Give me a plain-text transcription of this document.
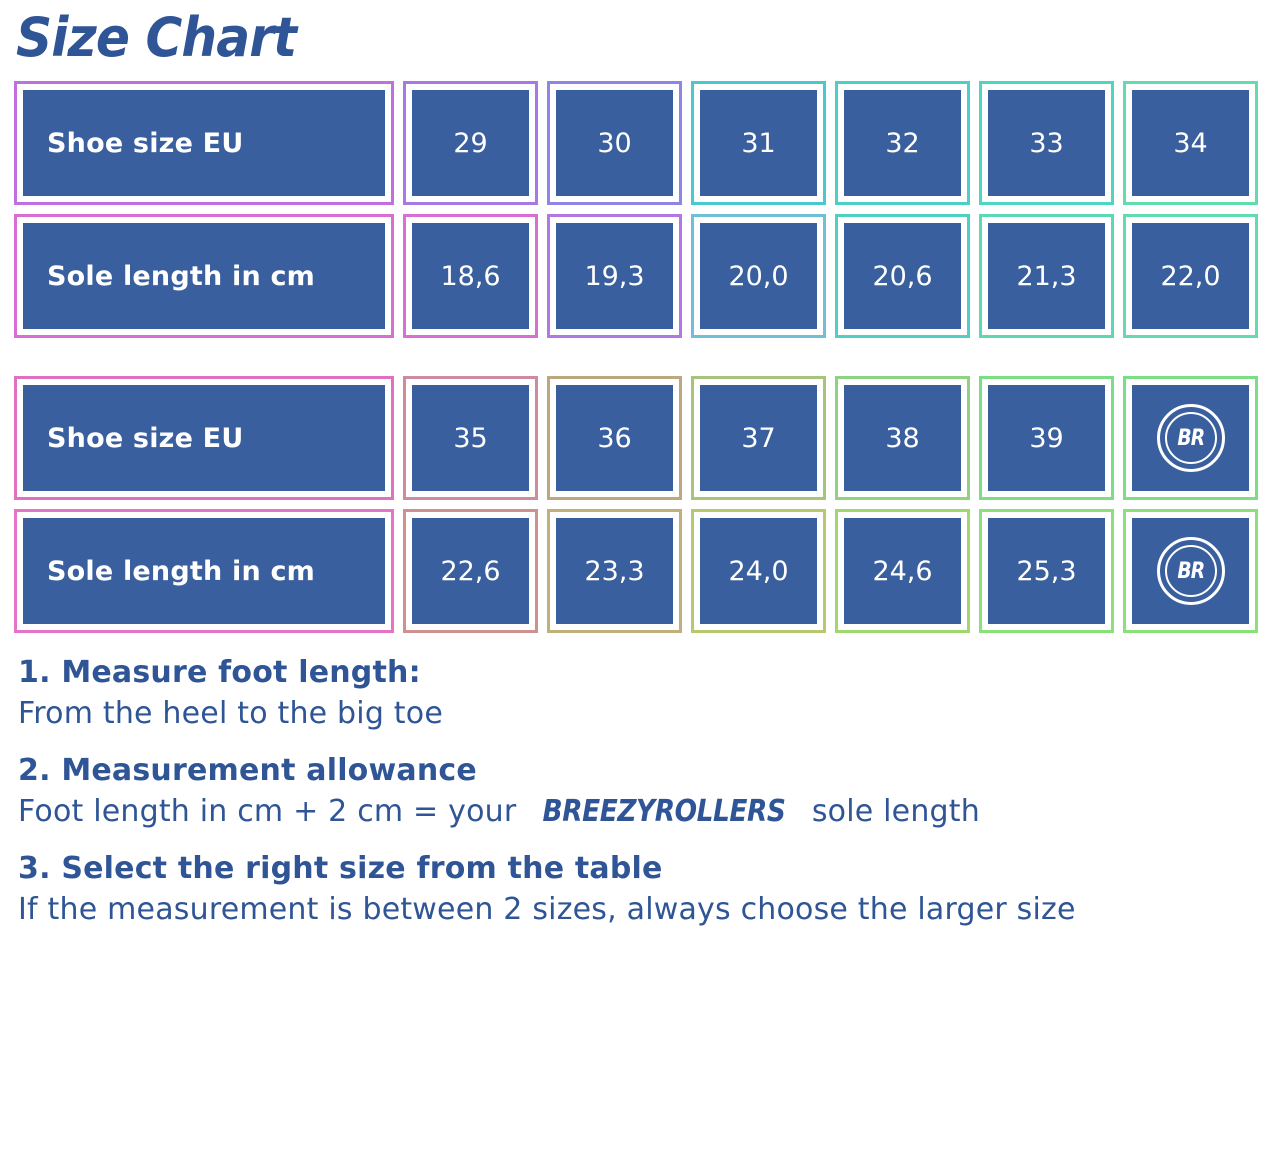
Size Chart
Shoe size EU	29	30	31	32	33	34
Sole length in cm	18,6	19,3	20,0	20,6	21,3	22,0
Shoe size EU	35	36	37	38	39	BR
Sole length in cm	22,6	23,3	24,0	24,6	25,3	BR

1. Measure foot length:

From the heel to the big toe

2. Measurement allowance

Foot length in cm + 2 cm = your BREEZYROLLERS sole length

3. Select the right size from the table

If the measurement is between 2 sizes, always choose the larger size
